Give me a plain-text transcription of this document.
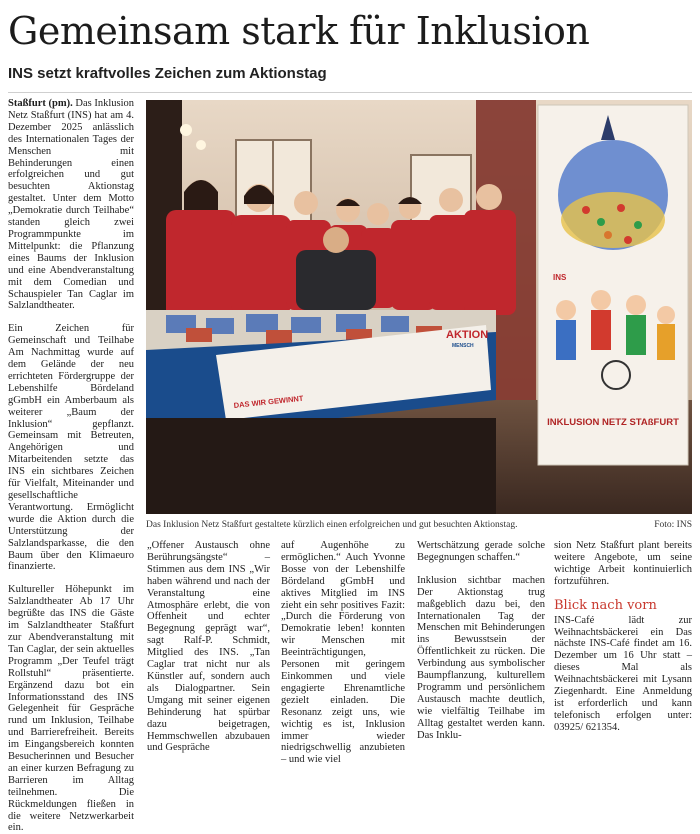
Gemeinsam stark für Inklusion
INS setzt kraftvolles Zeichen zum Aktionstag

Staßfurt (pm). Das Inklusion Netz Staßfurt (INS) hat am 4. Dezember 2025 anlässlich des Internationalen Tages der Menschen mit Behinderungen einen erfolgreichen und gut besuchten Aktionstag gestaltet. Unter dem Motto „Demokratie durch Teilhabe“ standen gleich zwei Programmpunkte im Mittelpunkt: die Pflanzung eines Baums der Inklusion und eine Abendveranstaltung mit dem Comedian und Schauspieler Tan Caglar im Salzlandtheater.

Ein Zeichen für Gemeinschaft und Teilhabe Am Nachmittag wurde auf dem Gelände der neu errichteten Fördergruppe der Lebenshilfe Bördeland gGmbH ein Amberbaum als weiterer „Baum der Inklusion“ gepflanzt. Gemeinsam mit Betreuten, Angehörigen und Mitarbeitenden setzte das INS ein sichtbares Zeichen für Vielfalt, Miteinander und gesellschaftliche Verantwortung. Ermöglicht wurde die Aktion durch die Unterstützung der Salzlandsparkasse, die den Baum über den Klimaeuro finanzierte.

Kultureller Höhepunkt im Salzlandtheater Ab 17 Uhr begrüßte das INS die Gäste im Salzlandtheater Staßfurt zur Abendveranstaltung mit Tan Caglar, der sein aktuelles Programm „Der Teufel trägt Rollstuhl“ präsentierte. Ergänzend dazu bot ein Informationsstand des INS Gelegenheit für Gespräche rund um Inklusion, Teilhabe und Barrierefreiheit. Bereits im Eingangsbereich konnten Besucherinnen und Besucher an einer kurzen Befragung zu Barrieren im Alltag teilnehmen. Die Rückmeldungen fließen in die weitere Netzwerkarbeit ein.

INS
INKLUSION NETZ STAßFURT
DAS WIR GEWINNT
AKTION
MENSCH
Das Inklusion Netz Staßfurt gestaltete kürzlich einen erfolgreichen und gut besuchten Aktionstag.	Foto: INS

„Offener Austausch ohne Berührungsängste“ – Stimmen aus dem INS „Wir haben während und nach der Veranstaltung eine Atmosphäre erlebt, die von Offenheit und echter Begegnung geprägt war“, sagt Ralf-P. Schmidt, Mitglied des INS. „Tan Caglar trat nicht nur als Künstler auf, sondern auch als Dialogpartner. Sein Umgang mit seiner eigenen Behinderung hat spürbar dazu beigetragen, Hemmschwellen abzubauen und Gespräche

auf Augenhöhe zu ermöglichen.“ Auch Yvonne Bosse von der Lebenshilfe Bördeland gGmbH und aktives Mitglied im INS zieht ein sehr positives Fazit: „Durch die Förderung von Demokratie leben! konnten wir Menschen mit Beeinträchtigungen, Personen mit geringem Einkommen und viele engagierte Ehrenamtliche gezielt einladen. Die Resonanz zeigt uns, wie wichtig es ist, Inklusion immer wieder niedrigschwellig anzubieten – und wie viel

Wertschätzung gerade solche Begegnungen schaffen.“

Inklusion sichtbar machen Der Aktionstag trug maßgeblich dazu bei, den Internationalen Tag der Menschen mit Behinderungen ins Bewusstsein der Öffentlichkeit zu rücken. Die Verbindung aus symbolischer Baumpflanzung, kulturellem Programm und persönlichem Austausch machte deutlich, wie vielfältig Teilhabe im Alltag gestaltet werden kann. Das Inklu-

sion Netz Staßfurt plant bereits weitere Angebote, um seine wichtige Arbeit kontinuierlich fortzuführen.

Blick nach vorn

INS-Café lädt zur Weihnachtsbäckerei ein Das nächste INS-Café findet am 16. Dezember um 16 Uhr statt – dieses Mal als Weihnachtsbäckerei mit Lysann Ziegenhardt. Eine Anmeldung ist erforderlich und kann telefonisch erfolgen unter: 03925/ 621354.
